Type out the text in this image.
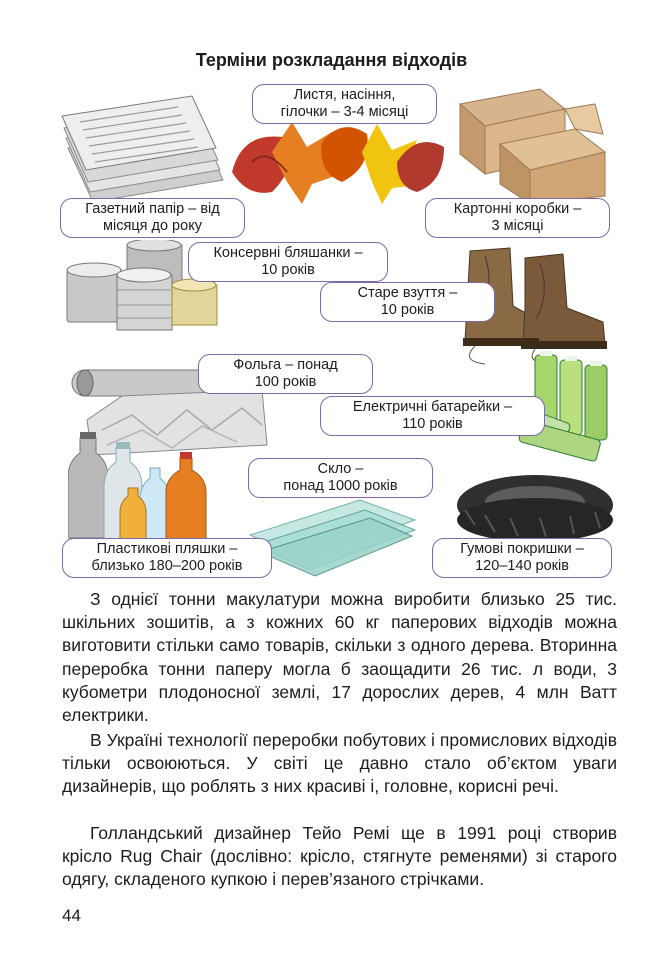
Терміни розкладання відходів
Листя, насіння,
гілочки – 3-4 місяці
Газетний папір – від
місяця до року
Картонні коробки –
3 місяці
Консервні бляшанки –
10 років
Старе взуття –
10 років
Фольга – понад
100 років
Електричні батарейки –
110 років
Скло –
понад 1000 років
Пластикові пляшки –
близько 180–200 років
Гумові покришки –
120–140 років

З однієї тонни макулатури можна виробити близько 25 тис. шкільних зошитів, а з кожних 60 кг паперових відходів можна виготовити стільки само товарів, скільки з одного дерева. Вторинна переробка тонни паперу могла б заощадити 26 тис. л води, 3 кубометри плодоносної землі, 17 дорослих дерев, 4 млн Ватт електрики.

В Україні технології переробки побутових і промислових відходів тільки освоюються. У світі це давно стало об’єктом уваги дизайнерів, що роблять з них красиві і, головне, корисні речі.

Голландський дизайнер Тейо Ремі ще в 1991 році створив крісло Rug Chair (дослівно: крісло, стягнуте ременями) зі старого одягу, складеного купкою і перев’язаного стрічками.

44
